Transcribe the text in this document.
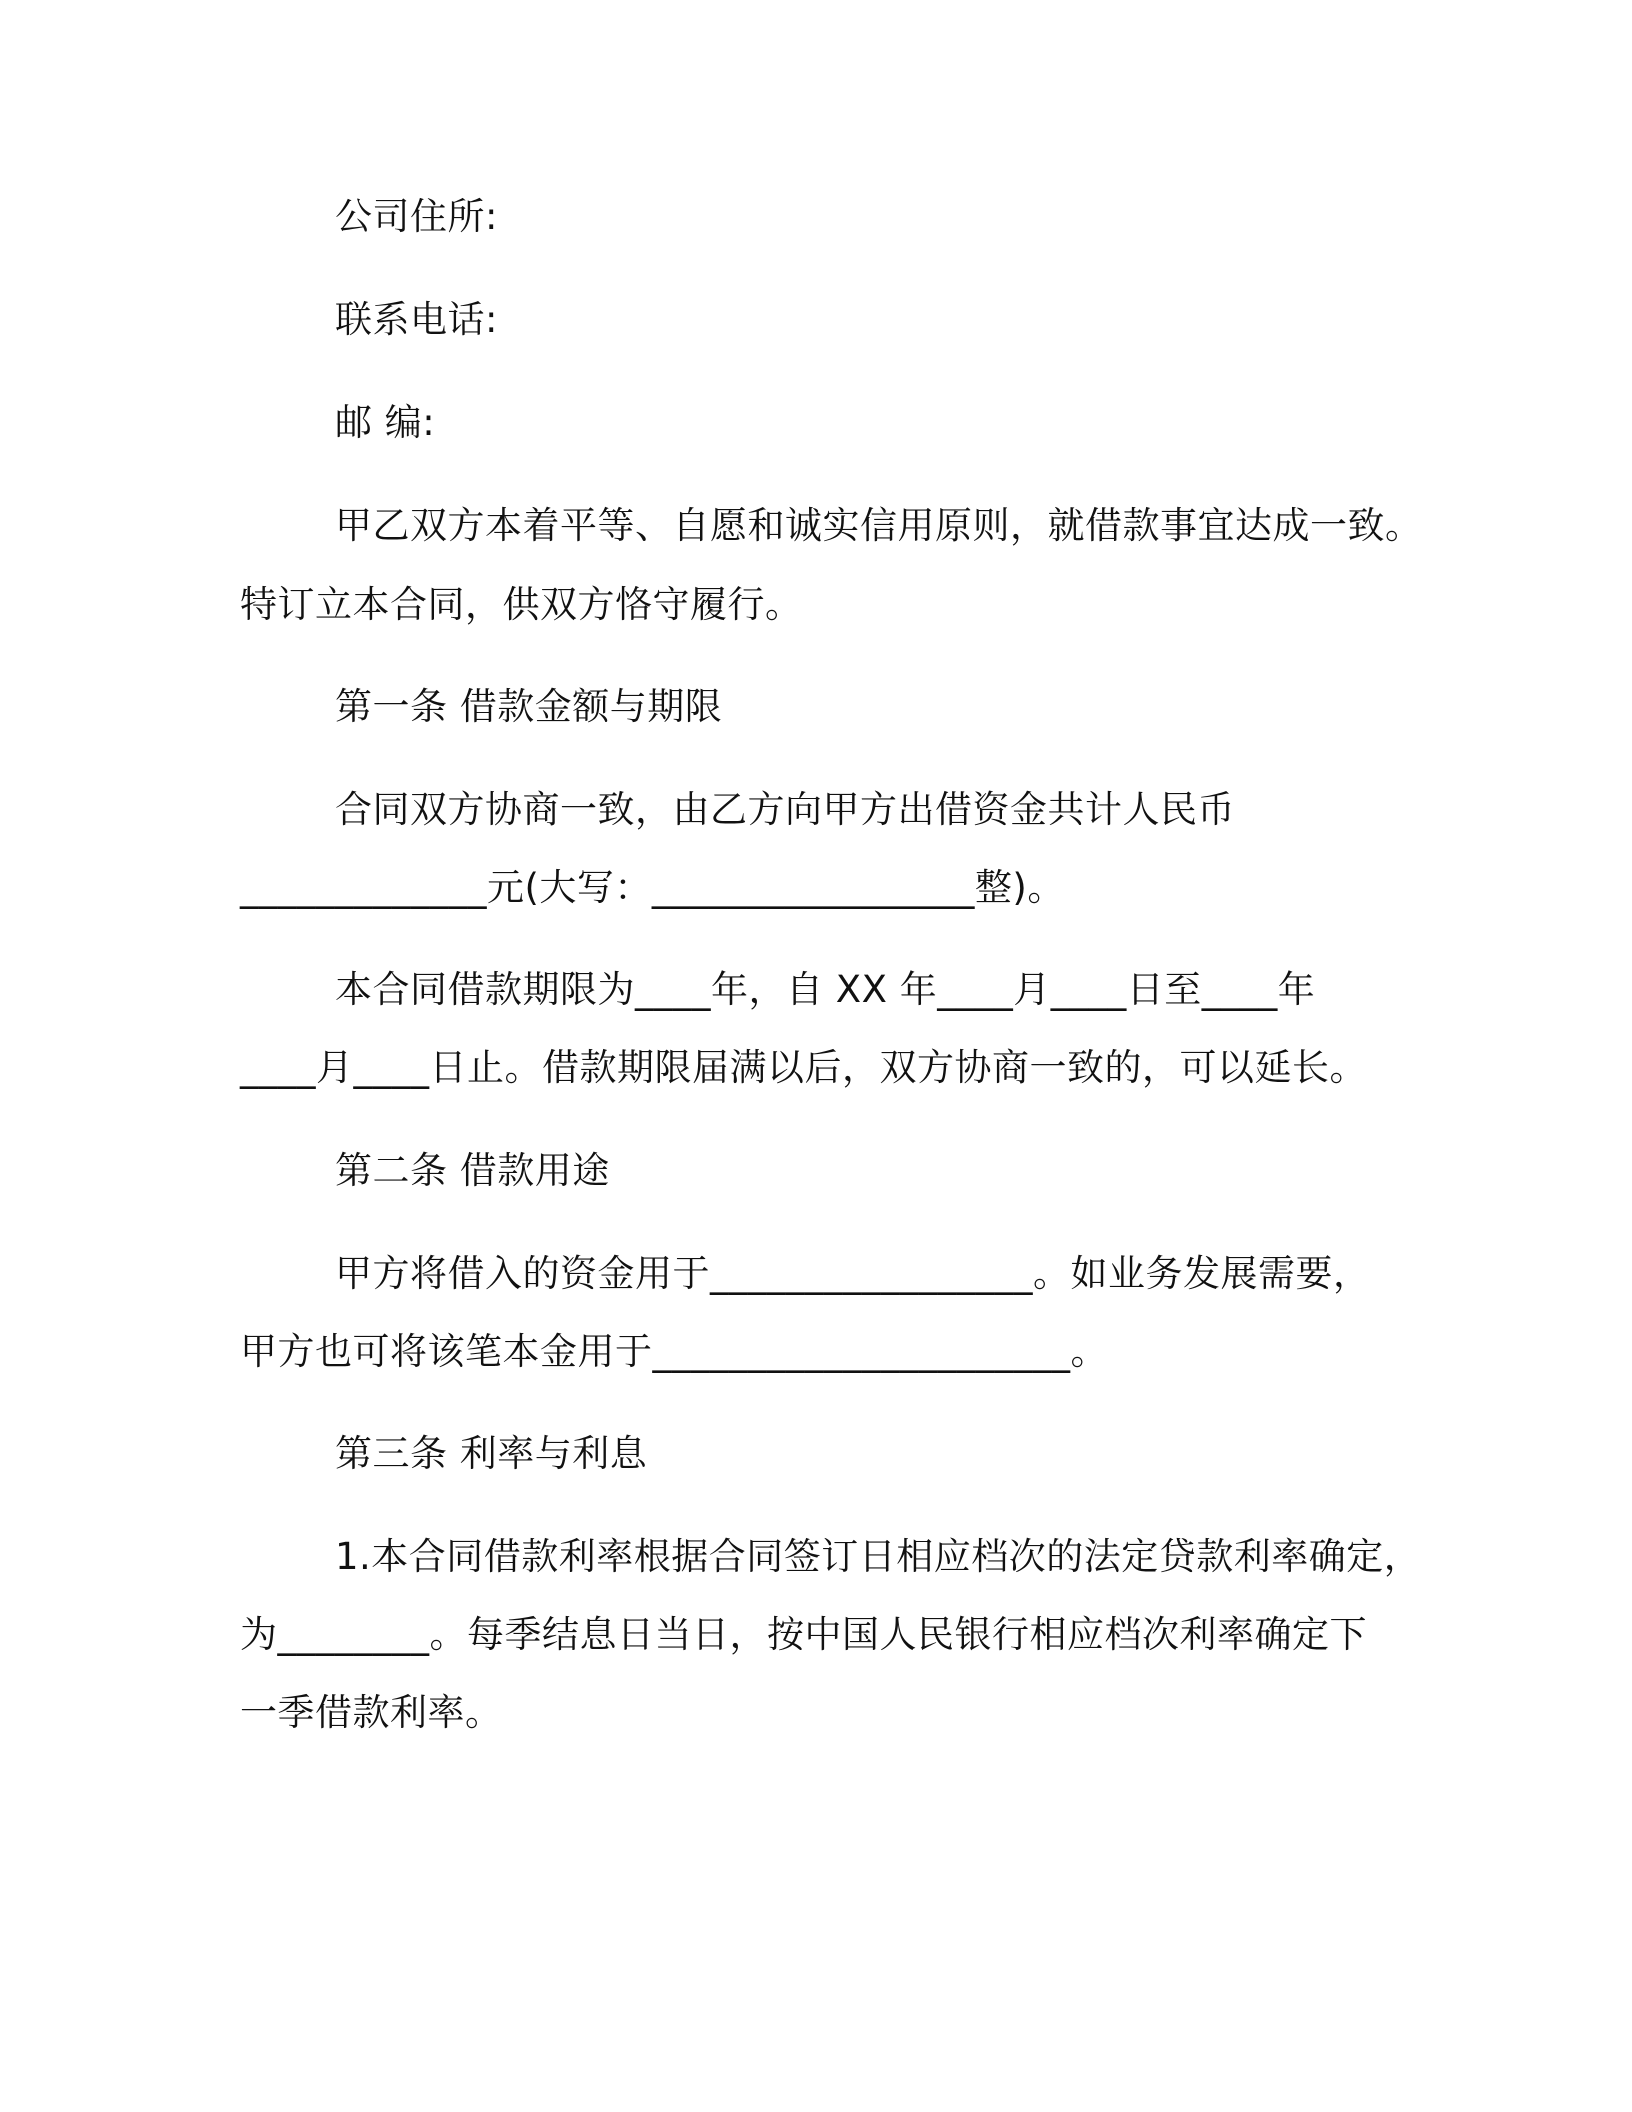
公司住所:
联系电话:
邮 编:
甲乙双方本着平等、自愿和诚实信用原则，就借款事宜达成一致。
特订立本合同，供双方恪守履行。
第一条 借款金额与期限
合同双方协商一致，由乙方向甲方出借资金共计人民币
_____________元(大写：_________________整)。
本合同借款期限为____年，自 XX 年____月____日至____年
____月____日止。借款期限届满以后，双方协商一致的，可以延长。
第二条 借款用途
甲方将借入的资金用于_________________。如业务发展需要，
甲方也可将该笔本金用于______________________。
第三条 利率与利息
1.本合同借款利率根据合同签订日相应档次的法定贷款利率确定，
为________。每季结息日当日，按中国人民银行相应档次利率确定下
一季借款利率。
